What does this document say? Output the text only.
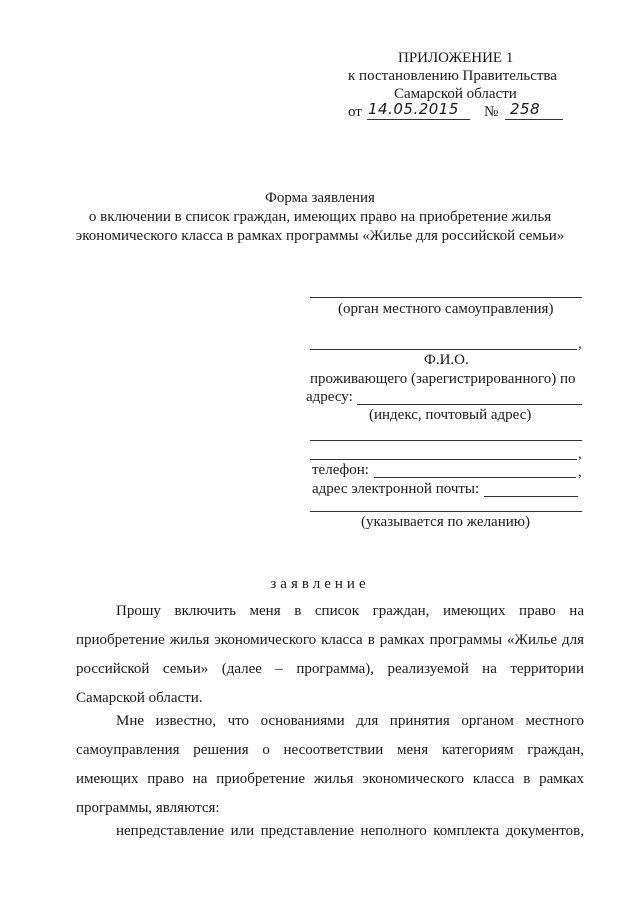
ПРИЛОЖЕНИЕ 1
к постановлению Правительства
Самарской области
от 14.05.2015 № 258
Форма заявления
о включении в список граждан, имеющих право на приобретение жилья
экономического класса в рамках программы «Жилье для российской семьи»
(орган местного самоуправления)
,
Ф.И.О.
проживающего (зарегистрированного) по
адресу:
(индекс, почтовый адрес)
,
телефон:	,
адрес электронной почты:
(указывается по желанию)
заявление
Прошу включить меня в список граждан, имеющих право на
приобретение жилья экономического класса в рамках программы «Жилье для
российской семьи» (далее – программа), реализуемой на территории
Самарской области.
Мне известно, что основаниями для принятия органом местного
самоуправления решения о несоответствии меня категориям граждан,
имеющих право на приобретение жилья экономического класса в рамках
программы, являются:
непредставление или представление неполного комплекта документов,
